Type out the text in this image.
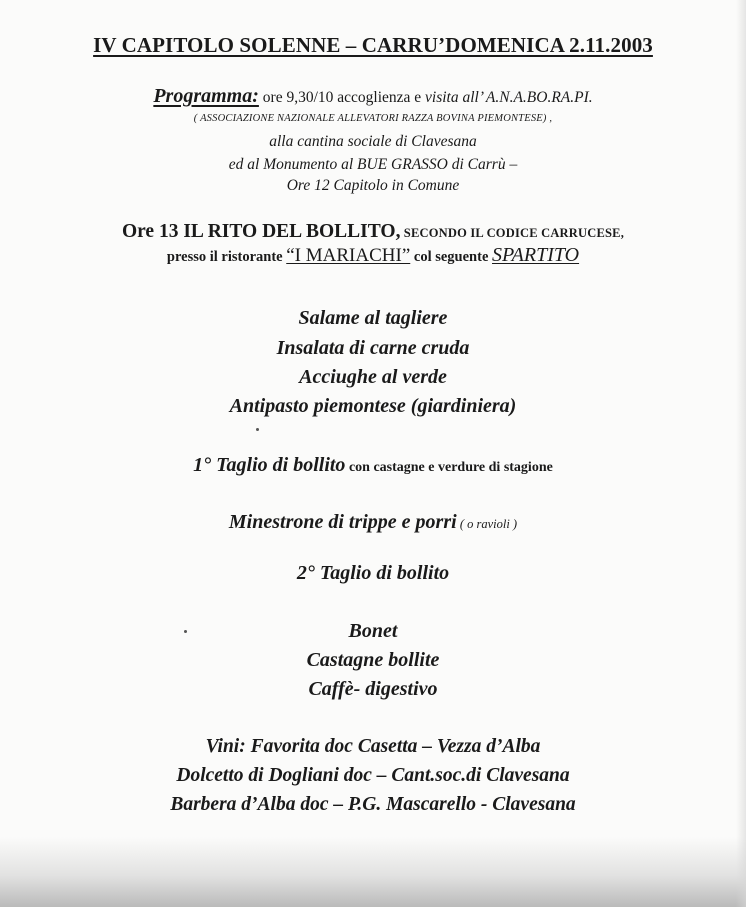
IV CAPITOLO SOLENNE – CARRU’DOMENICA 2.11.2003
Programma: ore 9,30/10 accoglienza e visita all’ A.N.A.BO.RA.PI.
( ASSOCIAZIONE NAZIONALE ALLEVATORI RAZZA BOVINA PIEMONTESE) ,
alla cantina sociale di Clavesana
ed al Monumento al BUE GRASSO di Carrù –
Ore 12 Capitolo in Comune
Ore 13 IL RITO DEL BOLLITO, SECONDO IL CODICE CARRUCESE,
presso il ristorante “I MARIACHI” col seguente SPARTITO
Salame al tagliere
Insalata di carne cruda
Acciughe al verde
Antipasto piemontese (giardiniera)
1° Taglio di bollito con castagne e verdure di stagione
Minestrone di trippe e porri ( o ravioli )
2° Taglio di bollito
Bonet
Castagne bollite
Caffè- digestivo
Vini: Favorita doc Casetta – Vezza d’Alba
Dolcetto di Dogliani doc – Cant.soc.di Clavesana
Barbera d’Alba doc – P.G. Mascarello - Clavesana
